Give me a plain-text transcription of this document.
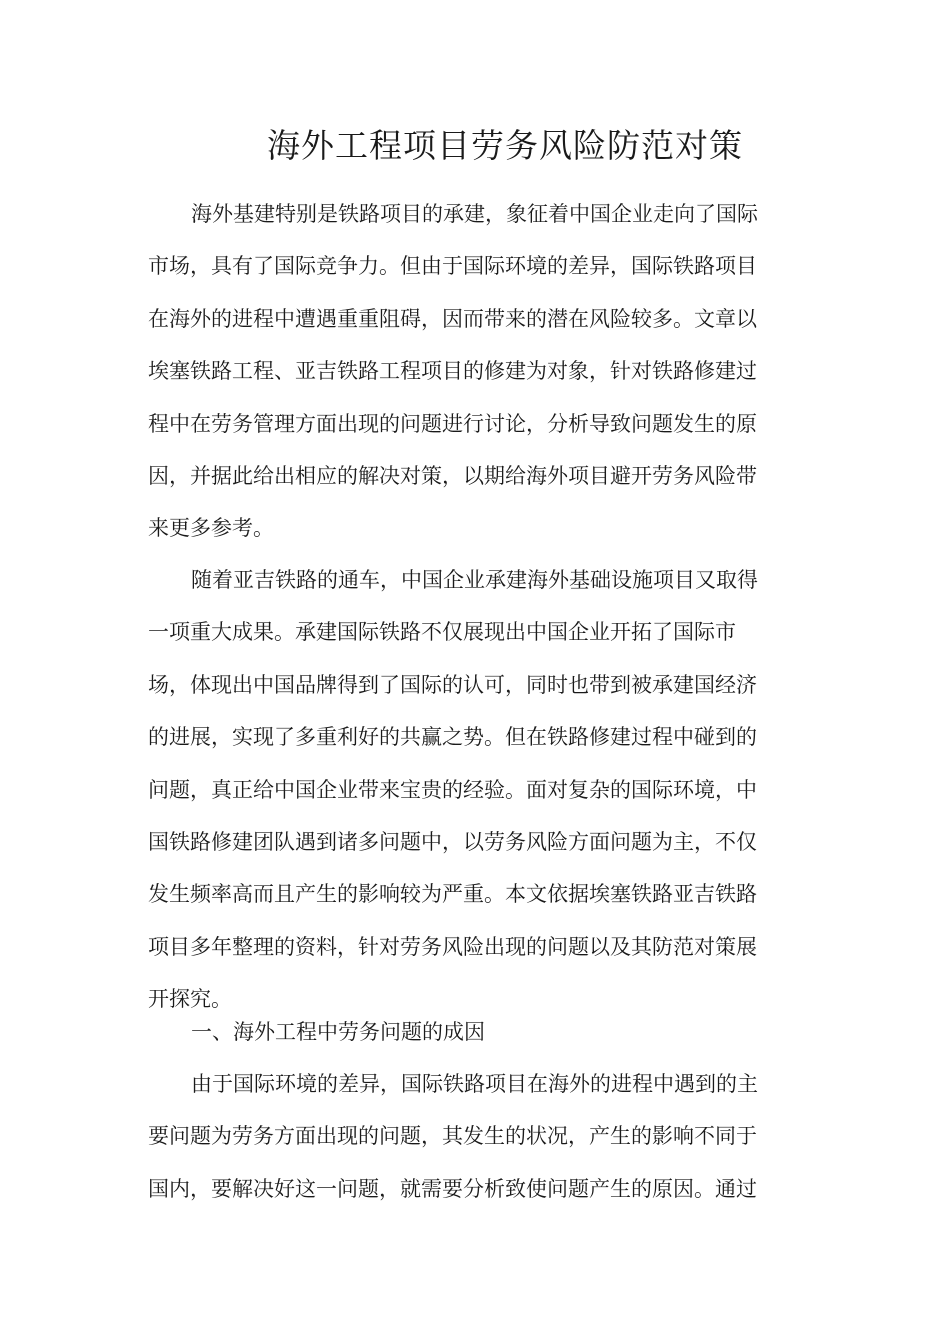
海外工程项目劳务风险防范对策
海外基建特别是铁路项目的承建，象征着中国企业走向了国际
市场，具有了国际竞争力。但由于国际环境的差异，国际铁路项目
在海外的进程中遭遇重重阻碍，因而带来的潜在风险较多。文章以
埃塞铁路工程、亚吉铁路工程项目的修建为对象，针对铁路修建过
程中在劳务管理方面出现的问题进行讨论，分析导致问题发生的原
因，并据此给出相应的解决对策，以期给海外项目避开劳务风险带
来更多参考。
随着亚吉铁路的通车，中国企业承建海外基础设施项目又取得
一项重大成果。承建国际铁路不仅展现出中国企业开拓了国际市
场，体现出中国品牌得到了国际的认可，同时也带到被承建国经济
的进展，实现了多重利好的共赢之势。但在铁路修建过程中碰到的
问题，真正给中国企业带来宝贵的经验。面对复杂的国际环境，中
国铁路修建团队遇到诸多问题中，以劳务风险方面问题为主，不仅
发生频率高而且产生的影响较为严重。本文依据埃塞铁路亚吉铁路
项目多年整理的资料，针对劳务风险出现的问题以及其防范对策展
开探究。
一、海外工程中劳务问题的成因
由于国际环境的差异，国际铁路项目在海外的进程中遇到的主
要问题为劳务方面出现的问题，其发生的状况，产生的影响不同于
国内，要解决好这一问题，就需要分析致使问题产生的原因。通过
